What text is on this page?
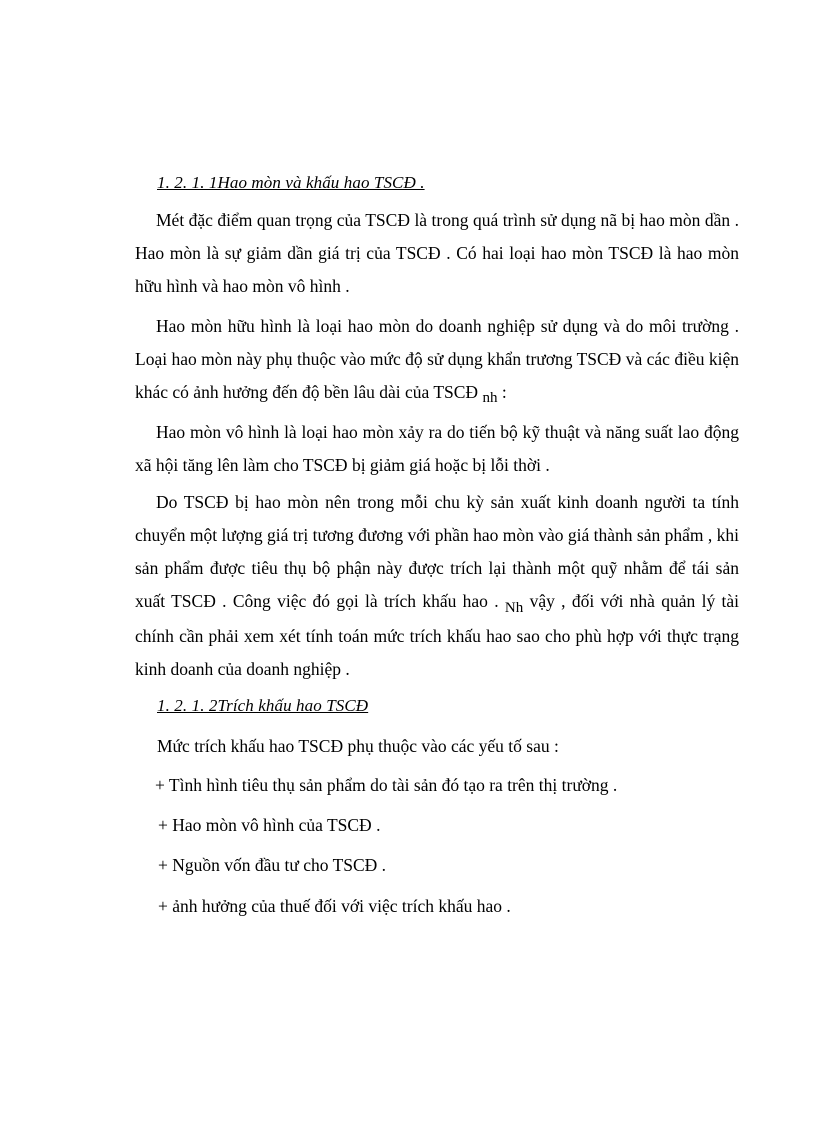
1. 2. 1. 1Hao mòn và khấu hao TSCĐ .
Mét đặc điểm quan trọng của TSCĐ là trong quá trình sử dụng nã bị hao mòn dần . Hao mòn là sự giảm dần giá trị của TSCĐ . Có hai loại hao mòn TSCĐ là hao mòn hữu hình và hao mòn vô hình .
Hao mòn hữu hình là loại hao mòn do doanh nghiệp sử dụng và do môi trường . Loại hao mòn này phụ thuộc vào mức độ sử dụng khẩn trương TSCĐ và các điều kiện khác có ảnh hưởng đến độ bền lâu dài của TSCĐ nh :
Hao mòn vô hình là loại hao mòn xảy ra do tiến bộ kỹ thuật và năng suất lao động xã hội tăng lên làm cho TSCĐ bị giảm giá hoặc bị lỗi thời .
Do TSCĐ bị hao mòn nên trong mỗi chu kỳ sản xuất kinh doanh người ta tính chuyển một lượng giá trị tương đương với phần hao mòn vào giá thành sản phẩm , khi sản phẩm được tiêu thụ bộ phận này được trích lại thành một quỹ nhằm để tái sản xuất TSCĐ . Công việc đó gọi là trích khấu hao . Nh vậy , đối với nhà quản lý tài chính cần phải xem xét tính toán mức trích khấu hao sao cho phù hợp với thực trạng kinh doanh của doanh nghiệp .
1. 2. 1. 2Trích khấu hao TSCĐ
Mức trích khấu hao TSCĐ phụ thuộc vào các yếu tố sau :
+ Tình hình tiêu thụ sản phẩm do tài sản đó tạo ra trên thị trường .
+ Hao mòn vô hình của TSCĐ .
+ Nguồn vốn đầu tư cho TSCĐ .
+ ảnh hưởng của thuế đối với việc trích khấu hao .
